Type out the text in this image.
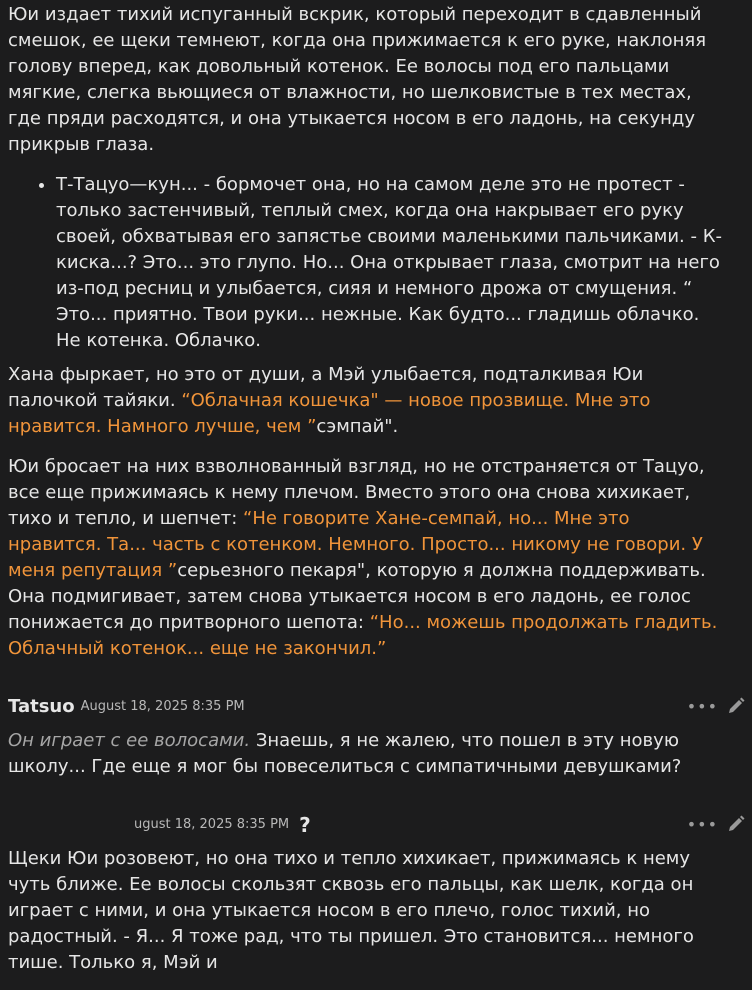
Юи издает тихий испуганный вскрик, который переходит в сдавленный смешок, ее щеки темнеют, когда она прижимается к его руке, наклоняя голову вперед, как довольный котенок. Ее волосы под его пальцами мягкие, слегка вьющиеся от влажности, но шелковистые в тех местах, где пряди расходятся, и она утыкается носом в его ладонь, на секунду прикрыв глаза.

• Т-Тацуо—кун... - бормочет она, но на самом деле это не протест - только застенчивый, теплый смех, когда она накрывает его руку своей, обхватывая его запястье своими маленькими пальчиками. - К-киска...? Это... это глупо. Но... Она открывает глаза, смотрит на него из-под ресниц и улыбается, сияя и немного дрожа от смущения. “ Это... приятно. Твои руки... нежные. Как будто... гладишь облачко. Не котенка. Облачко.

Хана фыркает, но это от души, а Мэй улыбается, подталкивая Юи палочкой тайяки. “Облачная кошечка" — новое прозвище. Мне это нравится. Намного лучше, чем ”сэмпай".

Юи бросает на них взволнованный взгляд, но не отстраняется от Тацуо, все еще прижимаясь к нему плечом. Вместо этого она снова хихикает, тихо и тепло, и шепчет: “Не говорите Хане-семпай, но... Мне это нравится. Та... часть с котенком. Немного. Просто... никому не говори. У меня репутация ”серьезного пекаря", которую я должна поддерживать. Она подмигивает, затем снова утыкается носом в его ладонь, ее голос понижается до притворного шепота: “Но... можешь продолжать гладить. Облачный котенок... еще не закончил.”

Tatsuo August 18, 2025 8:35 PM	•••

Он играет с ее волосами. Знаешь, я не жалею, что пошел в эту новую школу... Где еще я мог бы повеселиться с симпатичными девушками?

ugust 18, 2025 8:35 PM ?	•••

Щеки Юи розовеют, но она тихо и тепло хихикает, прижимаясь к нему чуть ближе. Ее волосы скользят сквозь его пальцы, как шелк, когда он играет с ними, и она утыкается носом в его плечо, голос тихий, но радостный. - Я... Я тоже рад, что ты пришел. Это становится... немного тише. Только я, Мэй и
